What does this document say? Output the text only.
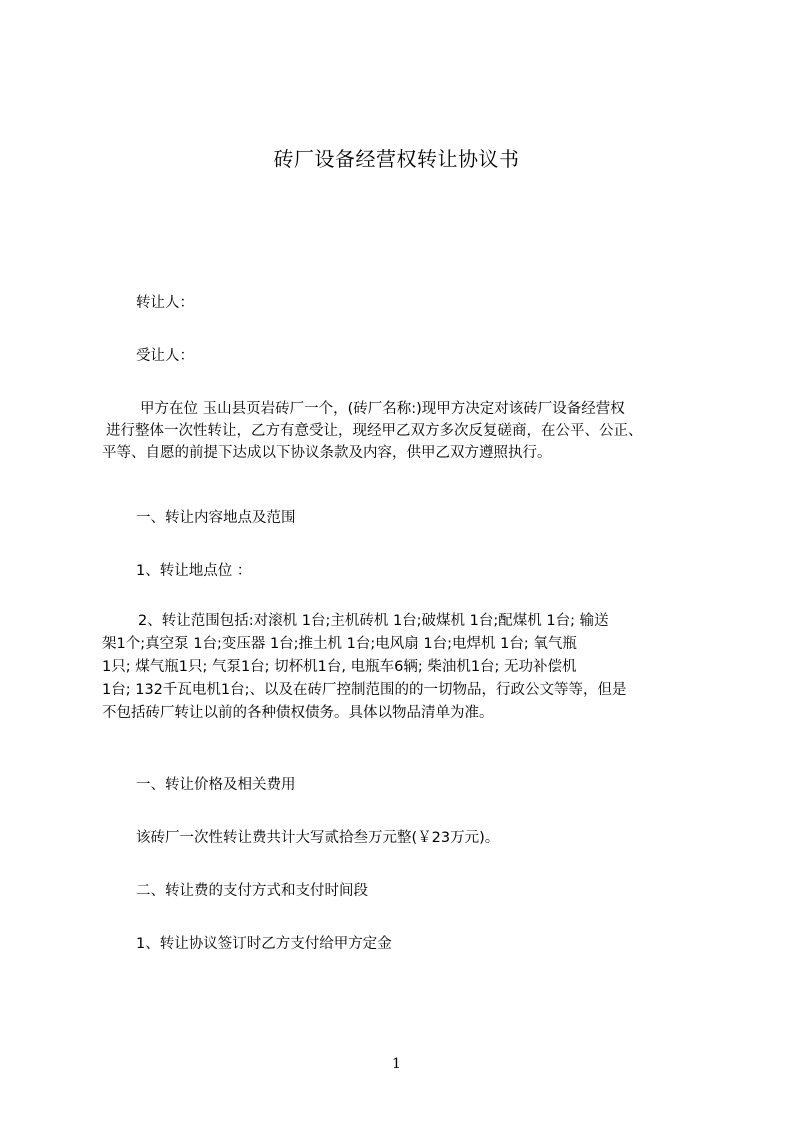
砖厂设备经营权转让协议书
转让人：
受让人：
甲方在位 玉山县页岩砖厂一个，(砖厂名称:)现甲方决定对该砖厂设备经营权
进行整体一次性转让，乙方有意受让，现经甲乙双方多次反复磋商，在公平、公正、
平等、自愿的前提下达成以下协议条款及内容，供甲乙双方遵照执行。
一、转让内容地点及范围
1、转让地点位 ：
2、转让范围包括:对滚机 1台;主机砖机 1台;破煤机 1台;配煤机 1台; 输送
架1个;真空泵 1台;变压器 1台;推土机 1台;电风扇 1台;电焊机 1台; 氧气瓶
1只; 煤气瓶1只; 气泵1台; 切杯机1台, 电瓶车6辆; 柴油机1台; 无功补偿机
1台; 132千瓦电机1台;、以及在砖厂控制范围的的一切物品，行政公文等等，但是
不包括砖厂转让以前的各种债权债务。具体以物品清单为准。
一、转让价格及相关费用
该砖厂一次性转让费共计大写贰拾叁万元整(￥23万元)。
二、转让费的支付方式和支付时间段
1、转让协议签订时乙方支付给甲方定金
1
